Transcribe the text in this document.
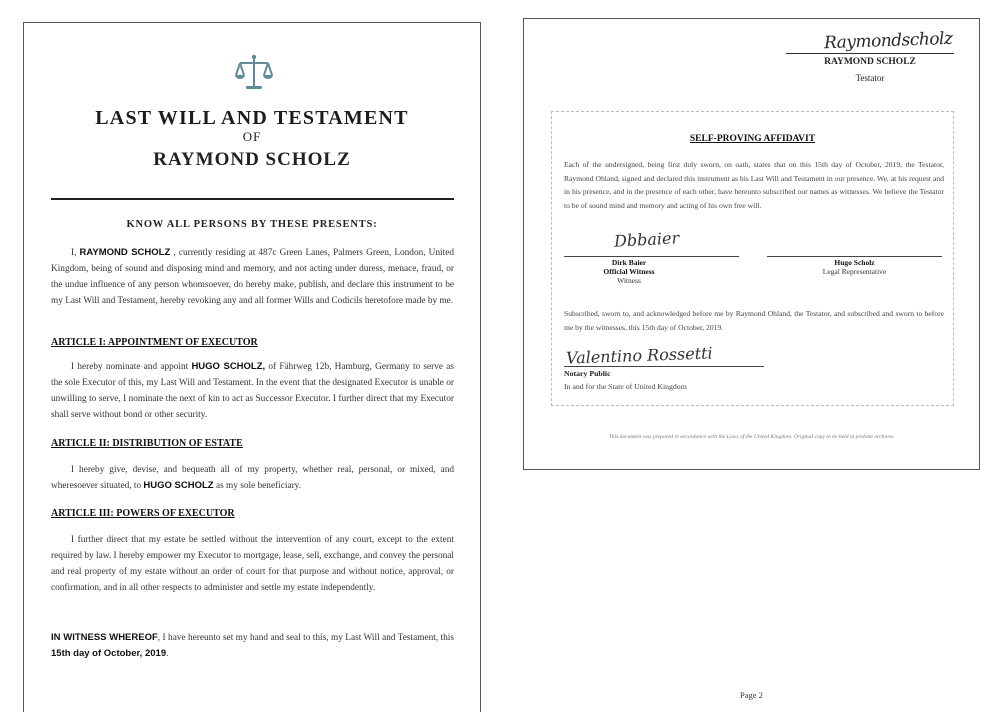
LAST WILL AND TESTAMENT
OF
RAYMOND SCHOLZ
KNOW ALL PERSONS BY THESE PRESENTS:
I, RAYMOND SCHOLZ , currently residing at 487c Green Lanes, Palmers Green, London, United Kingdom, being of sound and disposing mind and memory, and not acting under duress, menace, fraud, or the undue influence of any person whomsoever, do hereby make, publish, and declare this instrument to be my Last Will and Testament, hereby revoking any and all former Wills and Codicils heretofore made by me.
ARTICLE I: APPOINTMENT OF EXECUTOR
I hereby nominate and appoint HUGO SCHOLZ, of Fährweg 12b, Hamburg, Germany to serve as the sole Executor of this, my Last Will and Testament. In the event that the designated Executor is unable or unwilling to serve, I nominate the next of kin to act as Successor Executor. I further direct that my Executor shall serve without bond or other security.
ARTICLE II: DISTRIBUTION OF ESTATE
I hereby give, devise, and bequeath all of my property, whether real, personal, or mixed, and wheresoever situated, to HUGO SCHOLZ as my sole beneficiary.
ARTICLE III: POWERS OF EXECUTOR
I further direct that my estate be settled without the intervention of any court, except to the extent required by law. I hereby empower my Executor to mortgage, lease, sell, exchange, and convey the personal and real property of my estate without an order of court for that purpose and without notice, approval, or confirmation, and in all other respects to administer and settle my estate independently.
IN WITNESS WHEREOF, I have hereunto set my hand and seal to this, my Last Will and Testament, this 15th day of October, 2019.
Raymondscholz
RAYMOND SCHOLZ
Testator
SELF-PROVING AFFIDAVIT
Each of the undersigned, being first duly sworn, on oath, states that on this 15th day of October, 2019, the Testator, Raymond Ohland, signed and declared this instrument as his Last Will and Testament in our presence. We, at his request and in his presence, and in the presence of each other, have hereunto subscribed our names as witnesses. We believe the Testator to be of sound mind and memory and acting of his own free will.
Dbbaier
Dirk Baier
Official Witness
Witness
Hugo Scholz
Legal Representative
Subscribed, sworn to, and acknowledged before me by Raymond Ohland, the Testator, and subscribed and sworn to before me by the witnesses, this 15th day of October, 2019.
Valentino Rossetti
Notary Public
In and for the State of United Kingdom
This document was prepared in accordance with the Laws of the United Kingdom. Original copy to be held in probate archives.
Page 2
